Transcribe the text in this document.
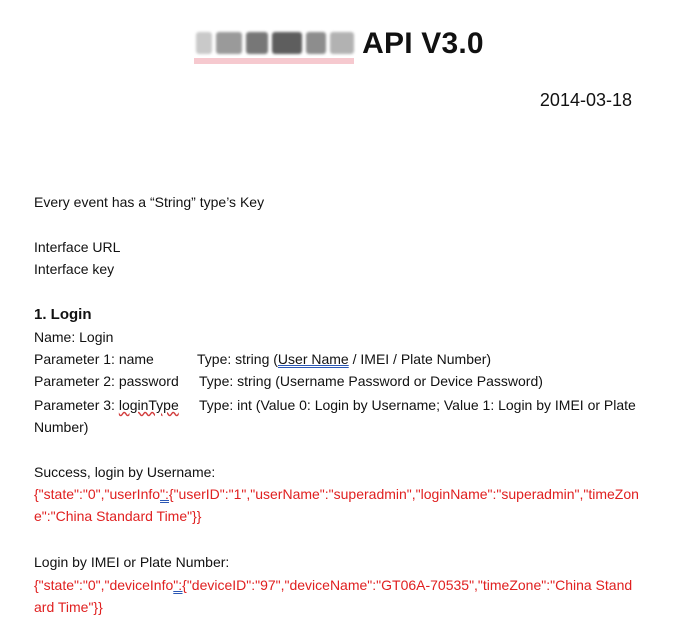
API V3.0
2014-03-18
Every event has a “String” type’s Key
Interface URL
Interface key
1. Login
Name: Login
Parameter 1: name	Type: string (User Name / IMEI / Plate Number)
Parameter 2: password Type: string (Username Password or Device Password)
Parameter 3: loginType Type: int (Value 0: Login by Username; Value 1: Login by IMEI or Plate
Number)
Success, login by Username:
{"state":"0","userInfo":{"userID":"1","userName":"superadmin","loginName":"superadmin","timeZone":"China Standard Time"}}
Login by IMEI or Plate Number:
{"state":"0","deviceInfo":{"deviceID":"97","deviceName":"GT06A-70535","timeZone":"China Standard Time"}}
